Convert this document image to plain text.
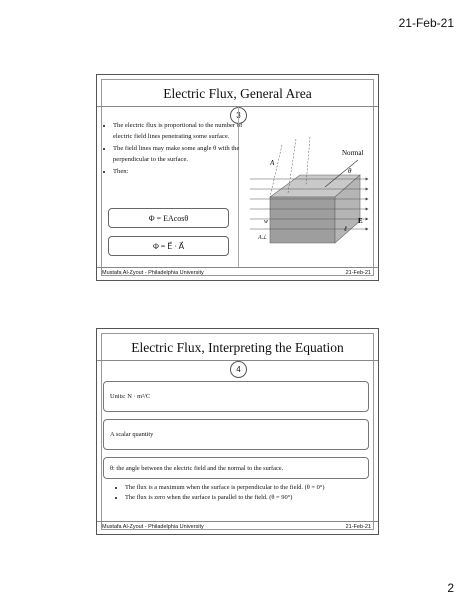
21-Feb-21
Electric Flux, General Area
3
• The electric flux is proportional to the number of electric field lines penetrating some surface.
• The field lines may make some angle θ with the perpendicular to the surface.
• Then:
Φ = EAcosθ
Φ = E⃗ · A⃗
Normal
A
θ
A⊥
w	E⃗
ℓ
Mustafa Al-Zyout - Philadelphia University	21-Feb-21
Electric Flux, Interpreting the Equation
4
Units: N · m²/C
A scalar quantity
θ: the angle between the electric field and the normal to the surface.
• The flux is a maximum when the surface is perpendicular to the field. (θ = 0°)
• The flux is zero when the surface is parallel to the field. (θ = 90°)
Mustafa Al-Zyout - Philadelphia University	21-Feb-21
2
